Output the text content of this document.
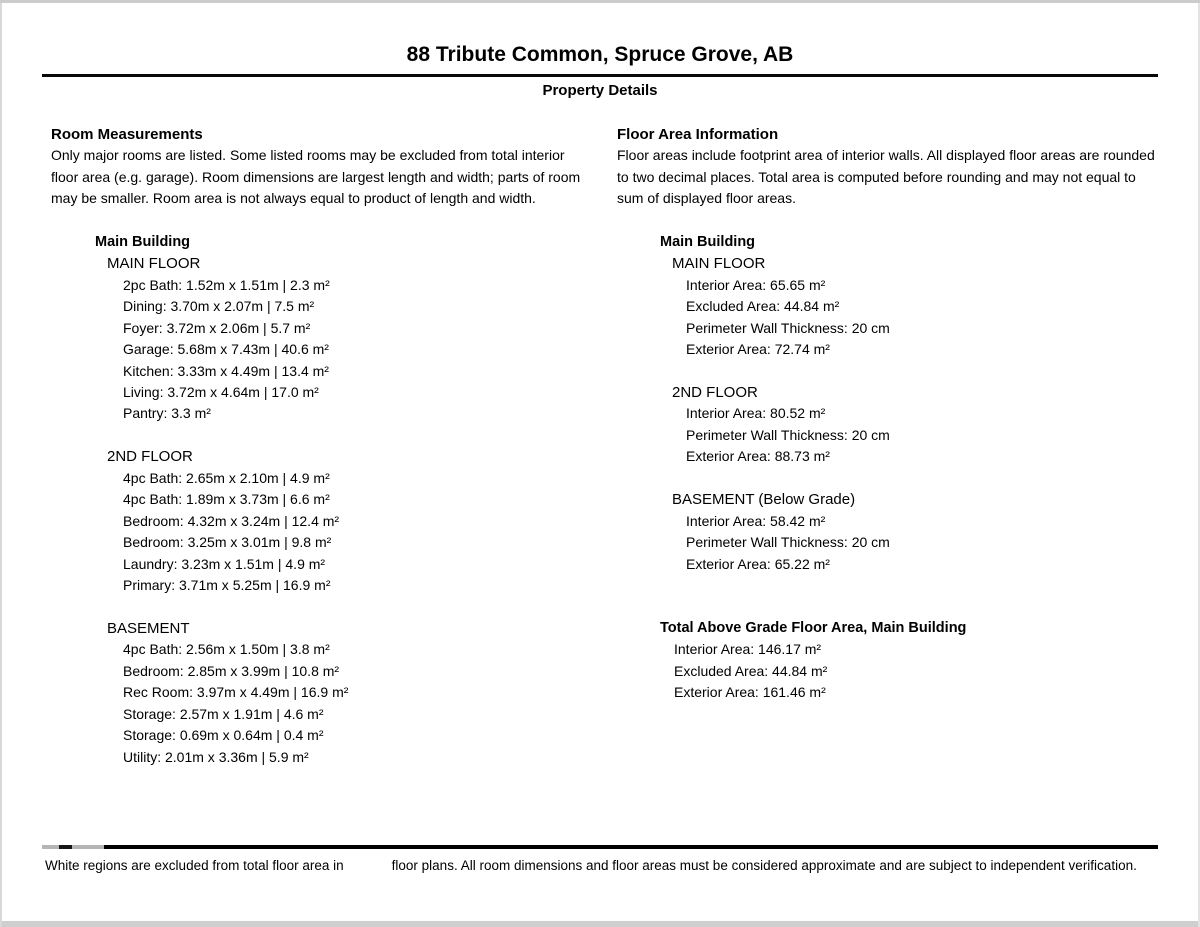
88 Tribute Common, Spruce Grove, AB
Property Details
Room Measurements

Only major rooms are listed. Some listed rooms may be excluded from total interior floor area (e.g. garage). Room dimensions are largest length and width; parts of room may be smaller. Room area is not always equal to product of length and width.

Main Building
MAIN FLOOR
2pc Bath: 1.52m x 1.51m | 2.3 m²
Dining: 3.70m x 2.07m | 7.5 m²
Foyer: 3.72m x 2.06m | 5.7 m²
Garage: 5.68m x 7.43m | 40.6 m²
Kitchen: 3.33m x 4.49m | 13.4 m²
Living: 3.72m x 4.64m | 17.0 m²
Pantry: 3.3 m²
2ND FLOOR
4pc Bath: 2.65m x 2.10m | 4.9 m²
4pc Bath: 1.89m x 3.73m | 6.6 m²
Bedroom: 4.32m x 3.24m | 12.4 m²
Bedroom: 3.25m x 3.01m | 9.8 m²
Laundry: 3.23m x 1.51m | 4.9 m²
Primary: 3.71m x 5.25m | 16.9 m²
BASEMENT
4pc Bath: 2.56m x 1.50m | 3.8 m²
Bedroom: 2.85m x 3.99m | 10.8 m²
Rec Room: 3.97m x 4.49m | 16.9 m²
Storage: 2.57m x 1.91m | 4.6 m²
Storage: 0.69m x 0.64m | 0.4 m²
Utility: 2.01m x 3.36m | 5.9 m²
Floor Area Information

Floor areas include footprint area of interior walls. All displayed floor areas are rounded to two decimal places. Total area is computed before rounding and may not equal to sum of displayed floor areas.

Main Building
MAIN FLOOR
Interior Area: 65.65 m²
Excluded Area: 44.84 m²
Perimeter Wall Thickness: 20 cm
Exterior Area: 72.74 m²
2ND FLOOR
Interior Area: 80.52 m²
Perimeter Wall Thickness: 20 cm
Exterior Area: 88.73 m²
BASEMENT (Below Grade)
Interior Area: 58.42 m²
Perimeter Wall Thickness: 20 cm
Exterior Area: 65.22 m²
Total Above Grade Floor Area, Main Building
Interior Area: 146.17 m²
Excluded Area: 44.84 m²
Exterior Area: 161.46 m²

White regions are excluded from total floor area in	floor plans. All room dimensions and floor areas must be considered approximate and are subject to independent verification.
